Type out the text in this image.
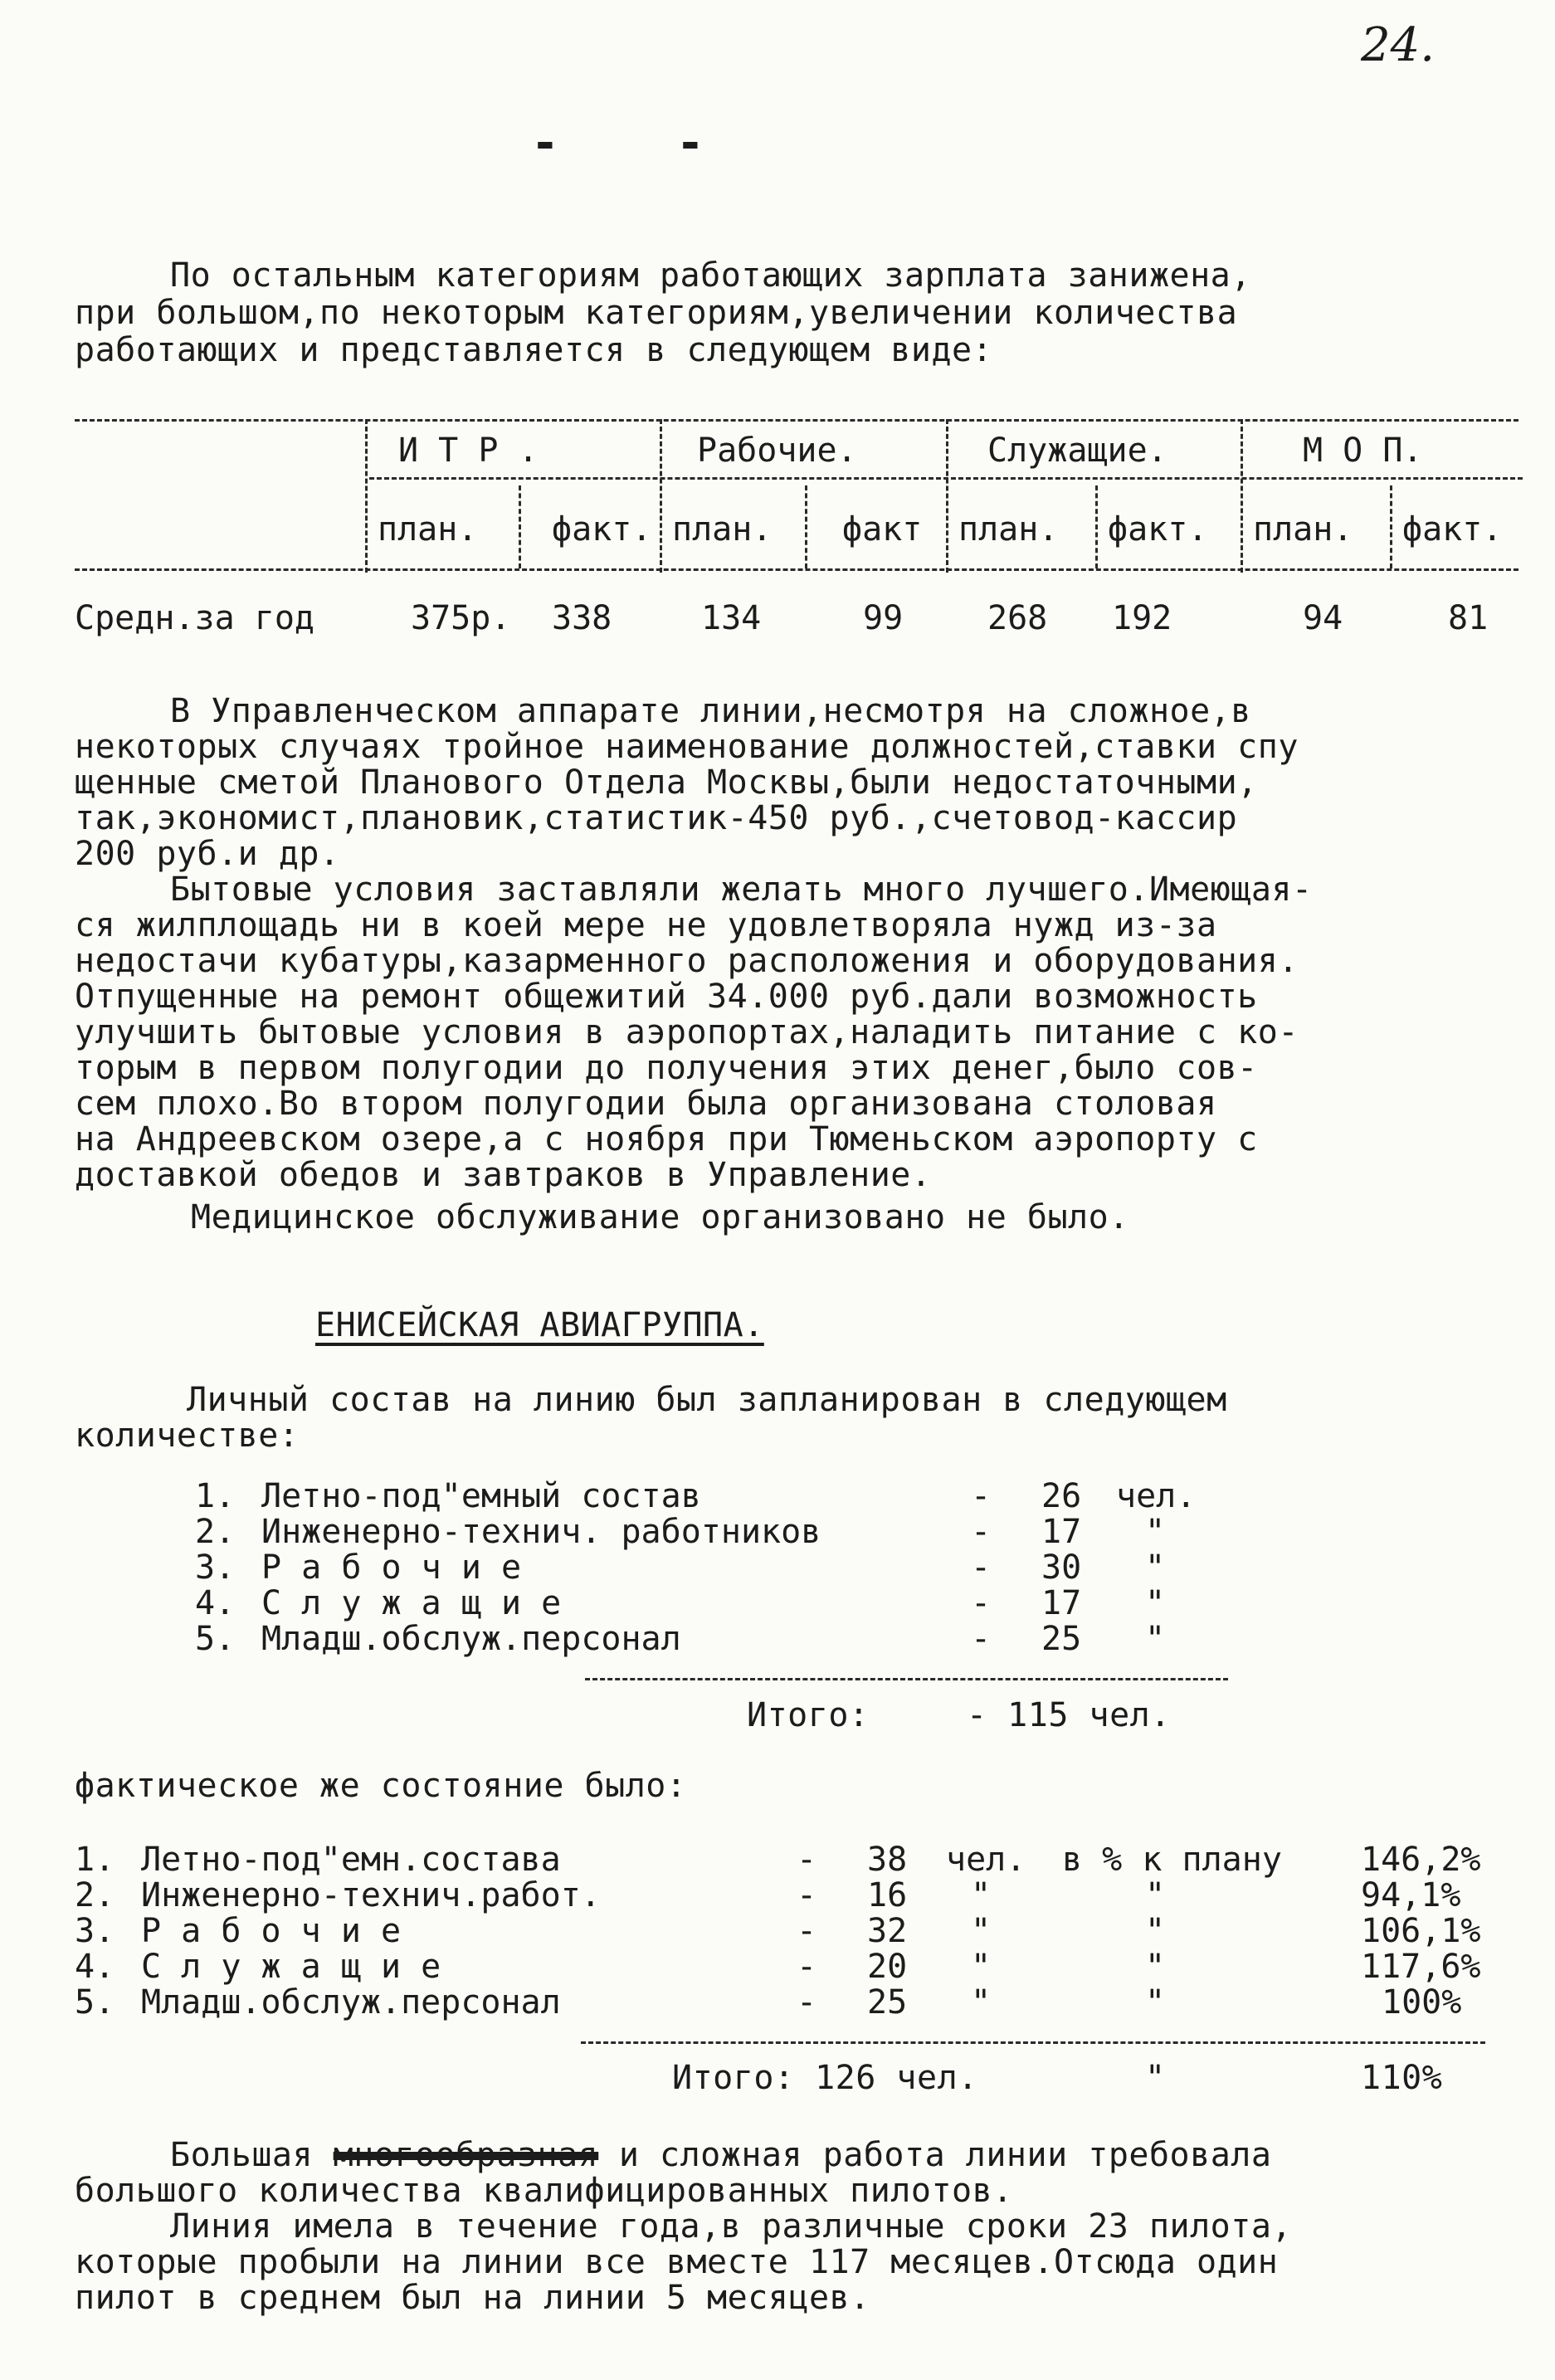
24.
-	-
По остальным категориям работающих зарплата занижена,
при большом,по некоторым категориям,увеличении количества
работающих и представляется в следующем виде:
И Т Р .	Рабочие.	Служащие.	М О П.
план. факт. план. факт план. факт. план. факт.
Средн.за год	375р. 338	134	99	268 192	94	81
В Управленческом аппарате линии,несмотря на сложное,в
некоторых случаях тройное наименование должностей,ставки спу
щенные сметой Планового Отдела Москвы,были недостаточными,
так,экономист,плановик,статистик-450 руб.,счетовод-кассир
200 руб.и др.
Бытовые условия заставляли желать много лучшего.Имеющая-
ся жилплощадь ни в коей мере не удовлетворяла нужд из-за
недостачи кубатуры,казарменного расположения и оборудования.
Отпущенные на ремонт общежитий 34.000 руб.дали возможность
улучшить бытовые условия в аэропортах,наладить питание с ко-
торым в первом полугодии до получения этих денег,было сов-
сем плохо.Во втором полугодии была организована столовая
на Андреевском озере,а с ноября при Тюменьском аэропорту с
доставкой обедов и завтраков в Управление.
Медицинское обслуживание организовано не было.
ЕНИСЕЙСКАЯ АВИАГРУППА.
Личный состав на линию был запланирован в следующем
количестве:
1. Летно-под"емный состав	- 26 чел.
2. Инженерно-технич. работников	- 17 "
3. Р а б о ч и е	- 30 "
4. С л у ж а щ и е	- 17 "
5. Младш.обслуж.персонал	- 25 "
Итого:	- 115 чел.
фактическое же состояние было:
1. Летно-под"емн.состава	- 38 чел. в % к плану 146,2%
2. Инженерно-технич.работ.	- 16 "	"	94,1%
3. Р а б о ч и е	- 32 "	"	106,1%
4. С л у ж а щ и е	- 20 "	"	117,6%
5. Младш.обслуж.персонал	- 25 "	"	100%
Итого: 126 чел.	"	110%
Большая многообразная и сложная работа линии требовала
большого количества квалифицированных пилотов.
Линия имела в течение года,в различные сроки 23 пилота,
которые пробыли на линии все вместе 117 месяцев.Отсюда один
пилот в среднем был на линии 5 месяцев.
